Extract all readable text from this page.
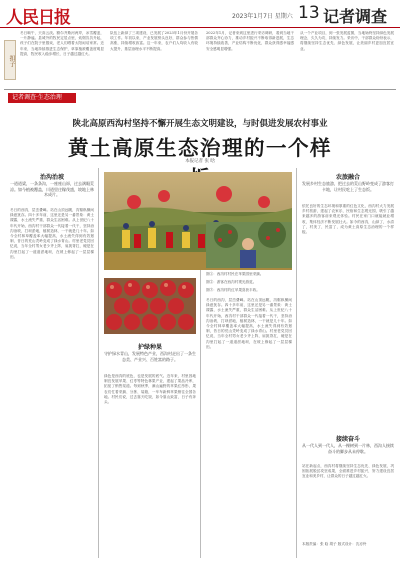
人民日报	2023年1月7日 星期六 13 记者调查
扣子
冬日晌午，天高云淡。额尔齐斯河两岸，冰雪覆盖，一片静谧。县城外的牧民定居点里，炊烟袅袅升起，孩子们在院子里嬉戏，老人们晒着太阳闲话家常。近年来，当地持续推进生态保护，草原植被覆盖度明显提高，牧民收入稳步增长，日子越过越红火。
队伍上新绿了三项建设，已发展了2023年1月份开展各项工作。年初以来，产业发展势头良好，群众参与热情高涨，持续增收致富。这一年来，农户们人均收入有较大提升，基层治理水平不断提高。
2022年1月，记者来到这里进行采访调研，看到当地干部群众齐心协力，推动乡村振兴不断取得新进展，生态环境持续改善，产业结构不断优化，群众获得感幸福感安全感明显增强。
从一个产业项目，到一张发展蓝图，当地始终坚持绿色发展理念，久久为功，持续发力。采访中，干部群众纷纷表示，将继续坚持生态优先、绿色发展，让美丽乡村更加宜居宜业。
记者调查·生态治理
陕北高原西沟村坚持不懈开展生态文明建设，与时俱进发展农村事业
黄土高原生态治理的一个样
本报记者 张 晗
治沟治坡
一道道梁，一条条沟，一座座山峁，过去满眼荒凉。如今植被覆盖，川道里庄稼茂盛，坡地上林木成片。
冬日的西沟，层峦叠嶂。站在山顶远眺，沟壑纵横间绿意犹存。四十多年前，这里还是另一番景象：黄土裸露，水土流失严重，群众生活困难。从上世纪八十年代开始，西沟村干部群众一代接着一代干，坚持治沟治坡，打坝淤地，植树造林，一干就是几十年。如今全村林草覆盖率大幅提高，水土流失得到有效遏制，昔日的荒山秃岭变成了绿水青山。村里老党员回忆说，当年全村男女老少齐上阵，肩挑背扛，硬是在沟里打起了一道道淤地坝，在坡上修起了一层层梯田。
图①：西沟村村民在苹果园里采摘。
图②：游客在西沟村观光游览。
图③：西沟村的红苹果喜获丰收。
护绿种果
守护绿水青山，发展特色产业，西沟村走出了一条生态美、产业兴、百姓富的路子。
绿色是西沟的底色，也是发展的底气。近年来，村里因地制宜发展苹果、红枣等特色林果产业，建起了果品冷库，拓宽了销售渠道。每到秋季，满山遍野的苹果红彤彤，果农们忙着采摘、分拣、装箱，一车车新鲜苹果销往全国各地。村民们说，过去靠天吃饭，如今靠山致富，日子有奔头。
冬日的西沟，层峦叠嶂。站在山顶远眺，沟壑纵横间绿意犹存。四十多年前，这里还是另一番景象：黄土裸露，水土流失严重，群众生活困难。从上世纪八十年代开始，西沟村干部群众一代接着一代干，坚持治沟治坡，打坝淤地，植树造林，一干就是几十年。如今全村林草覆盖率大幅提高，水土流失得到有效遏制，昔日的荒山秃岭变成了绿水青山。村里老党员回忆说，当年全村男女老少齐上阵，肩挑背扛，硬是在沟里打起了一道道淤地坝，在坡上修起了一层层梯田。
农旅融合
发展乡村生态旅游，把过去的荒山野岭变成了游客打卡地，让村民吃上了生态饭。
依托良好的生态环境和厚重的红色文化，西沟村大力发展乡村旅游，建起了农家乐、民宿和生态观光园，吸引了越来越多的游客前来观光体验。村民在家门口就能就业增收，集体经济不断发展壮大。如今的西沟，山绿了，水清了，村美了，民富了，成为黄土高原生态治理的一个样板。
接续奋斗
从一代人到一代人，从一棵树到一片林，西沟人接续奋斗的脚步从未停歇。
站在新起点，西沟村将继续坚持生态优先、绿色发展，巩固拓展脱贫攻坚成果，全面推进乡村振兴，努力建设宜居宜业和美乡村，让群众的日子越过越红火。
本版责编：张 晗 胡子 版式设计：沈亦伶
